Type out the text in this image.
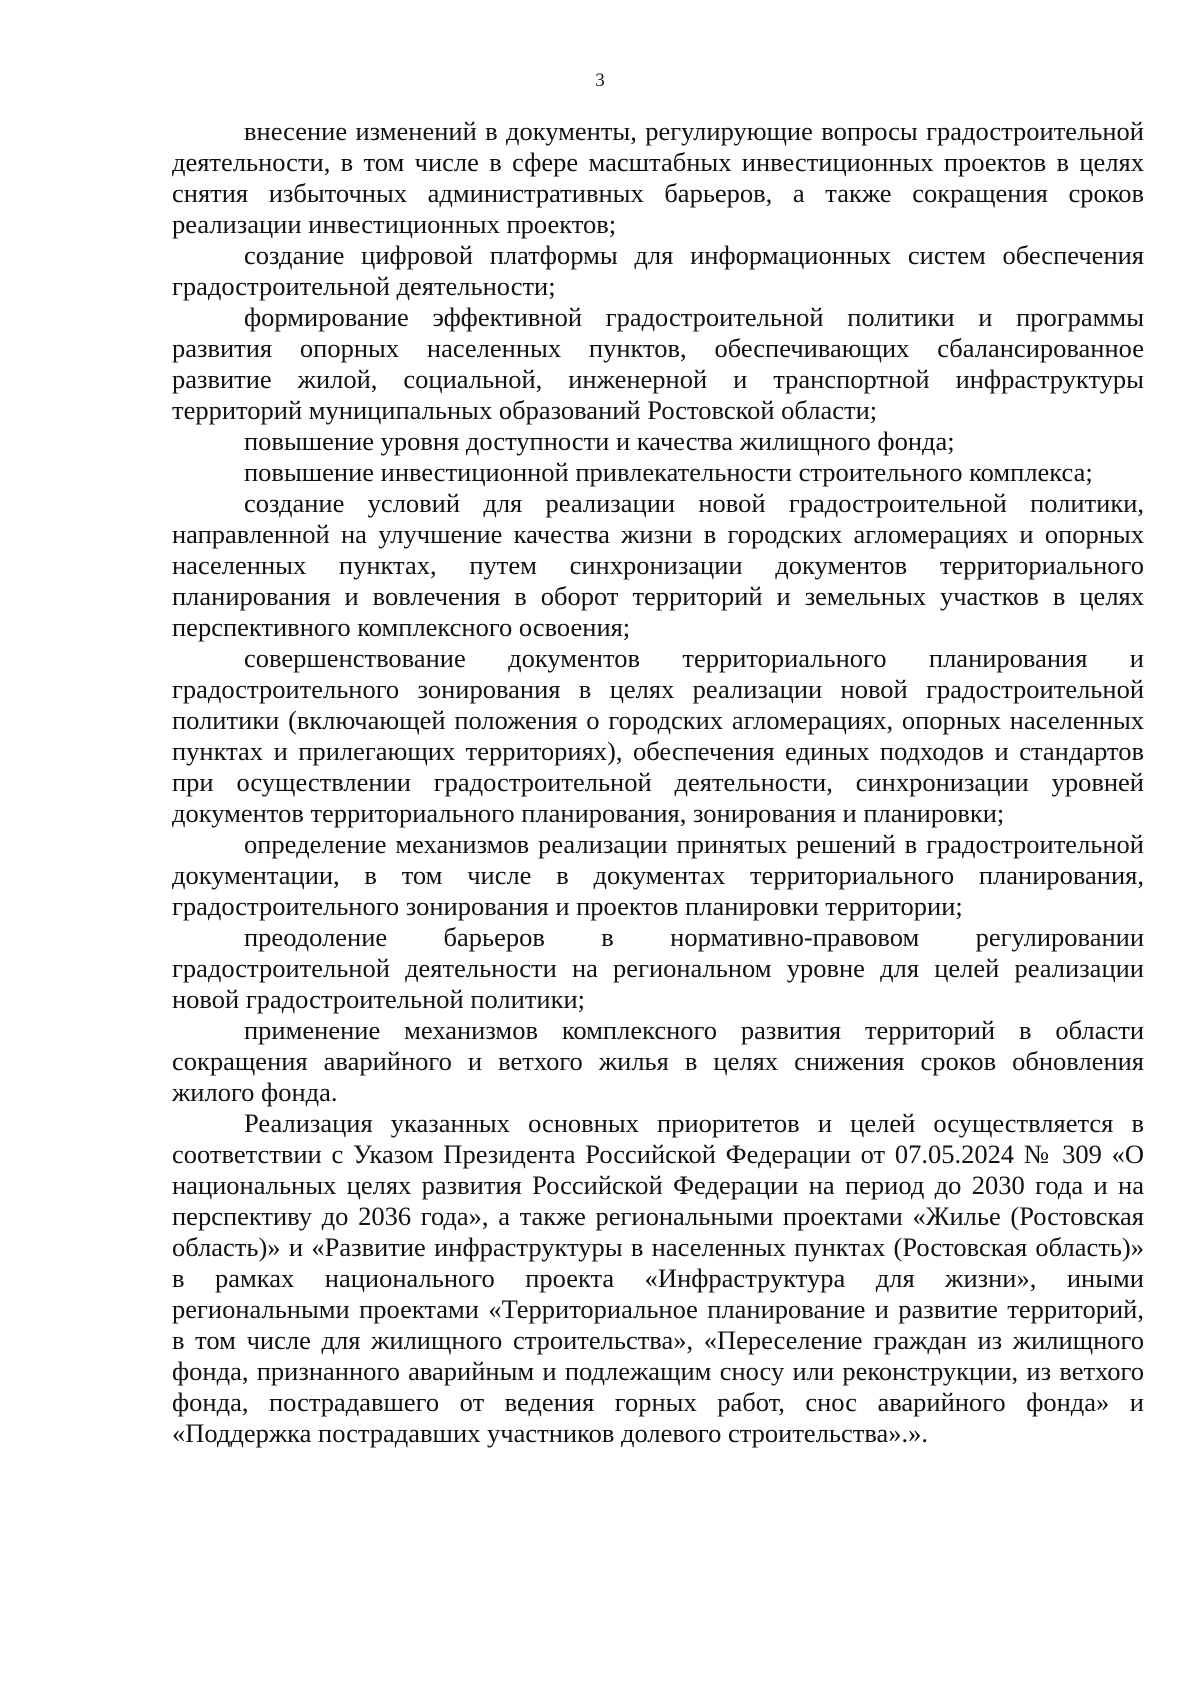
3

внесение изменений в документы, регулирующие вопросы градостроительной деятельности, в том числе в сфере масштабных инвестиционных проектов в целях снятия избыточных административных барьеров, а также сокращения сроков реализации инвестиционных проектов;

создание цифровой платформы для информационных систем обеспечения градостроительной деятельности;

формирование эффективной градостроительной политики и программы развития опорных населенных пунктов, обеспечивающих сбалансированное развитие жилой, социальной, инженерной и транспортной инфраструктуры территорий муниципальных образований Ростовской области;

повышение уровня доступности и качества жилищного фонда;

повышение инвестиционной привлекательности строительного комплекса;

создание условий для реализации новой градостроительной политики, направленной на улучшение качества жизни в городских агломерациях и опорных населенных пунктах, путем синхронизации документов территориального планирования и вовлечения в оборот территорий и земельных участков в целях перспективного комплексного освоения;

совершенствование документов территориального планирования и градостроительного зонирования в целях реализации новой градостроительной политики (включающей положения о городских агломерациях, опорных населенных пунктах и прилегающих территориях), обеспечения единых подходов и стандартов при осуществлении градостроительной деятельности, синхронизации уровней документов территориального планирования, зонирования и планировки;

определение механизмов реализации принятых решений в градостроительной документации, в том числе в документах территориального планирования, градостроительного зонирования и проектов планировки территории;

преодоление барьеров в нормативно-правовом регулировании градостроительной деятельности на региональном уровне для целей реализации новой градостроительной политики;

применение механизмов комплексного развития территорий в области сокращения аварийного и ветхого жилья в целях снижения сроков обновления жилого фонда.

Реализация указанных основных приоритетов и целей осуществляется в соответствии с Указом Президента Российской Федерации от 07.05.2024 № 309 «О национальных целях развития Российской Федерации на период до 2030 года и на перспективу до 2036 года», а также региональными проектами «Жилье (Ростовская область)» и «Развитие инфраструктуры в населенных пунктах (Ростовская область)» в рамках национального проекта «Инфраструктура для жизни», иными региональными проектами «Территориальное планирование и развитие территорий, в том числе для жилищного строительства», «Переселение граждан из жилищного фонда, признанного аварийным и подлежащим сносу или реконструкции, из ветхого фонда, пострадавшего от ведения горных работ, снос аварийного фонда» и «Поддержка пострадавших участников долевого строительства».».
